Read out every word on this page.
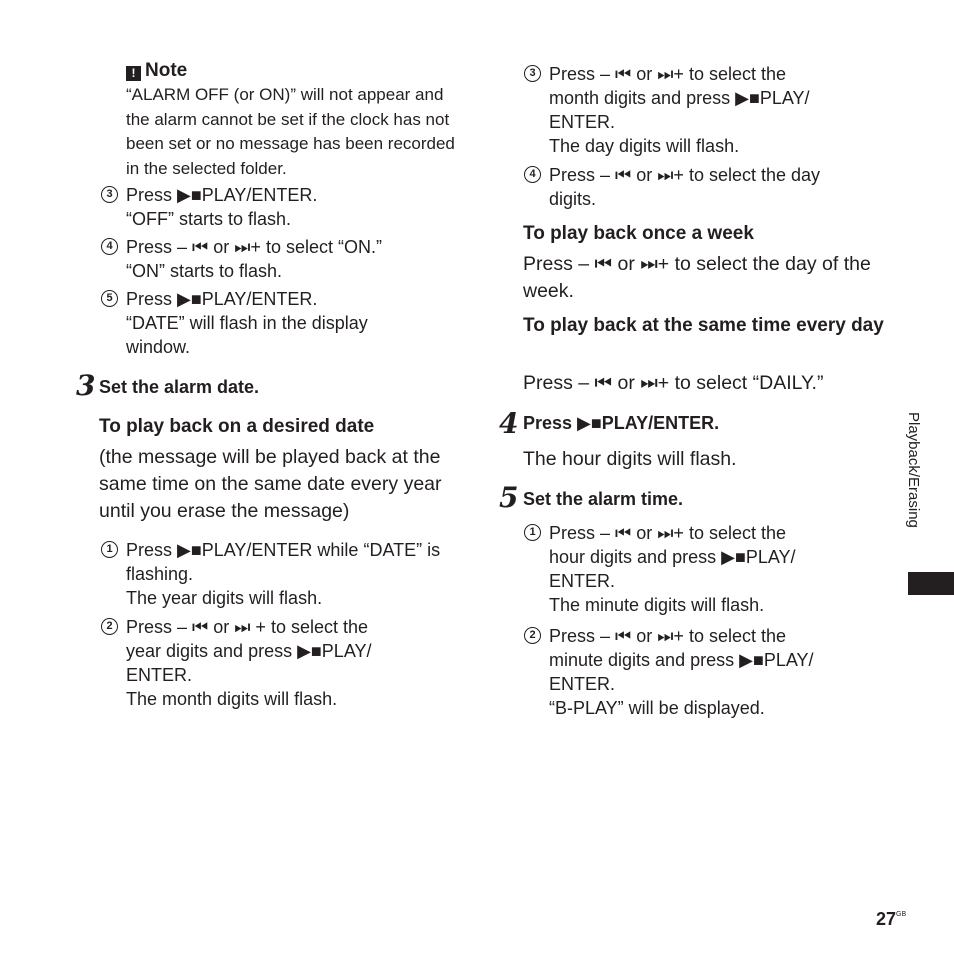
! Note
“ALARM OFF (or ON)” will not appear and the alarm cannot be set if the clock has not been set or no message has been recorded in the selected folder.
3 Press ▶■PLAY/ENTER.
“OFF” starts to flash.
4 Press – ⏮ or ⏭+ to select “ON.”
“ON” starts to flash.
5 Press ▶■PLAY/ENTER.
“DATE” will flash in the display
window.
3 Set the alarm date.
To play back on a desired date
(the message will be played back at the same time on the same date every year until you erase the message)
1 Press ▶■PLAY/ENTER while “DATE” is
flashing.
The year digits will flash.
2 Press – ⏮ or ⏭ + to select the
year digits and press ▶■PLAY/
ENTER.
The month digits will flash.
3 Press – ⏮ or ⏭+ to select the
month digits and press ▶■PLAY/
ENTER.
The day digits will flash.
4 Press – ⏮ or ⏭+ to select the day
digits.
To play back once a week
Press – ⏮ or ⏭+ to select the day of the week.
To play back at the same time every day
Press – ⏮ or ⏭+ to select “DAILY.”
4 Press ▶■PLAY/ENTER.
The hour digits will flash.
5 Set the alarm time.
1 Press – ⏮ or ⏭+ to select the
hour digits and press ▶■PLAY/
ENTER.
The minute digits will flash.
2 Press – ⏮ or ⏭+ to select the
minute digits and press ▶■PLAY/
ENTER.
“B-PLAY” will be displayed.
Playback/Erasing
$27^{GB}$
